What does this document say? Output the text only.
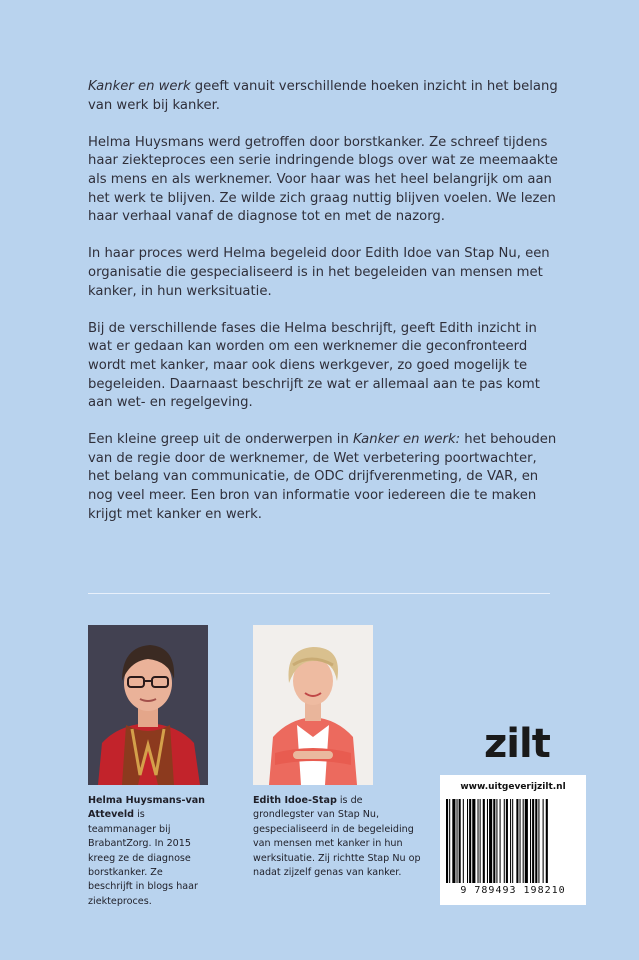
Kanker en werk geeft vanuit verschillende hoeken inzicht in het belang van werk bij kanker.

Helma Huysmans werd getroffen door borstkanker. Ze schreef tijdens haar ziekteproces een serie indringende blogs over wat ze meemaakte als mens en als werknemer. Voor haar was het heel belangrijk om aan het werk te blijven. Ze wilde zich graag nuttig blijven voelen. We lezen haar verhaal vanaf de diagnose tot en met de nazorg.

In haar proces werd Helma begeleid door Edith Idoe van Stap Nu, een organisatie die gespecialiseerd is in het begeleiden van mensen met kanker, in hun werksituatie.

Bij de verschillende fases die Helma beschrijft, geeft Edith inzicht in wat er gedaan kan worden om een werknemer die geconfronteerd wordt met kanker, maar ook diens werkgever, zo goed mogelijk te begeleiden. Daarnaast beschrijft ze wat er allemaal aan te pas komt aan wet- en regelgeving.

Een kleine greep uit de onderwerpen in Kanker en werk: het behouden van de regie door de werknemer, de Wet verbetering poortwachter, het belang van communicatie, de ODC drijfverenmeting, de VAR, en nog veel meer. Een bron van informatie voor iedereen die te maken krijgt met kanker en werk.

Helma Huysmans-van Atteveld is teammanager bij BrabantZorg. In 2015 kreeg ze de diagnose borstkanker. Ze beschrijft in blogs haar ziekteproces.
Edith Idoe-Stap is de grondlegster van Stap Nu, gespecialiseerd in de begeleiding van mensen met kanker in hun werksituatie. Zij richtte Stap Nu op nadat zijzelf genas van kanker.
zilt
www.uitgeverijzilt.nl
9 789493 198210
